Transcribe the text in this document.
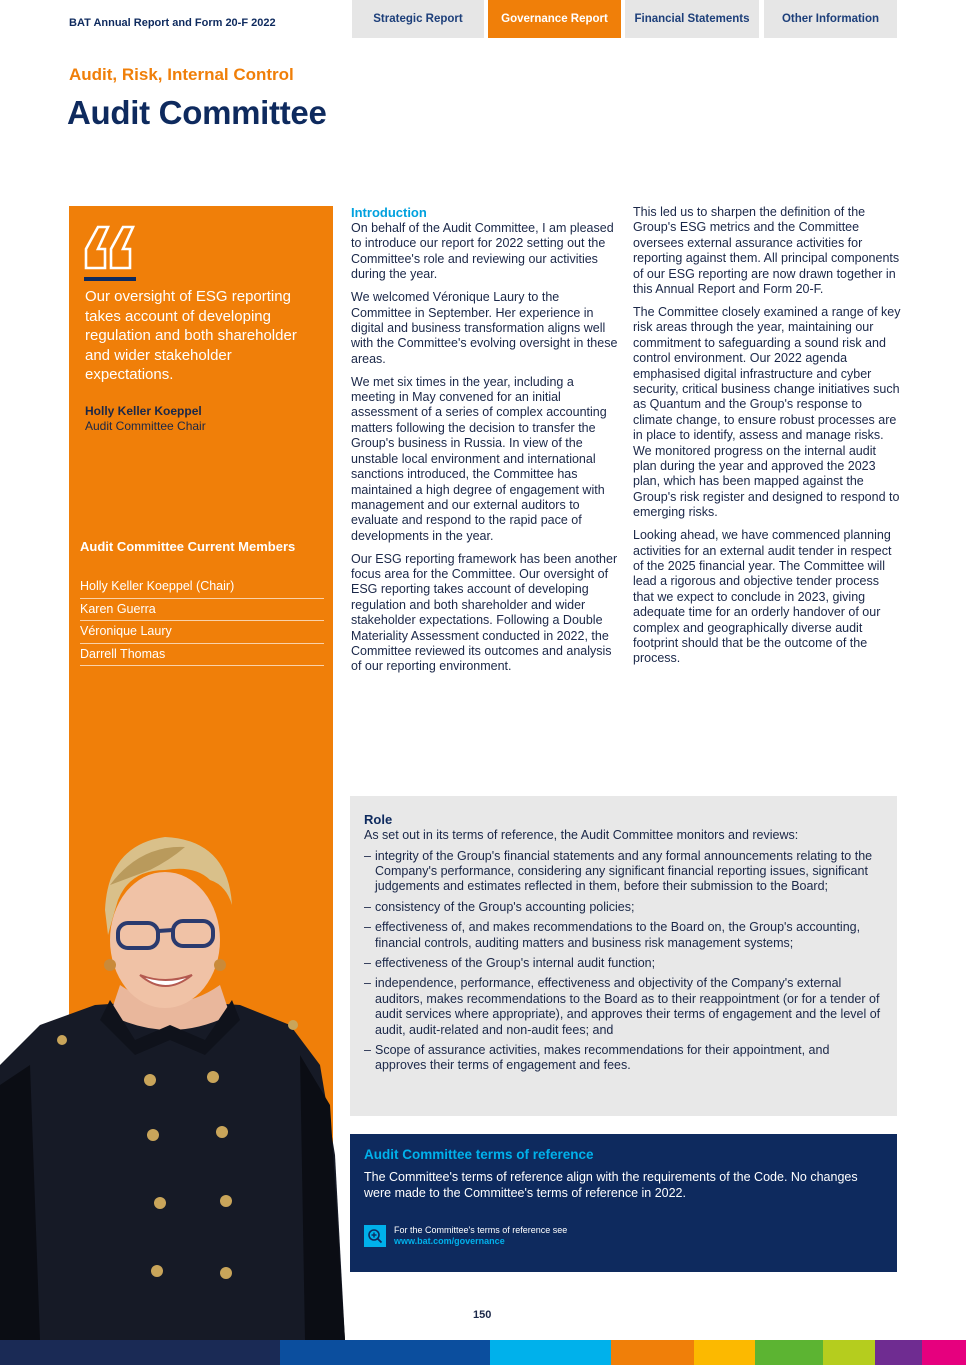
BAT Annual Report and Form 20-F 2022	Strategic Report	Governance Report	Financial Statements	Other Information
Audit, Risk, Internal Control
Audit Committee

Our oversight of ESG reporting takes account of developing regulation and both shareholder and wider stakeholder expectations.

Holly Keller Koeppel
Audit Committee Chair
Audit Committee Current Members
Holly Keller Koeppel (Chair)
Karen Guerra
Véronique Laury
Darrell Thomas
Introduction

On behalf of the Audit Committee, I am pleased to introduce our report for 2022 setting out the Committee's role and reviewing our activities during the year.

We welcomed Véronique Laury to the Committee in September. Her experience in digital and business transformation aligns well with the Committee's evolving oversight in these areas.

We met six times in the year, including a meeting in May convened for an initial assessment of a series of complex accounting matters following the decision to transfer the Group's business in Russia. In view of the unstable local environment and international sanctions introduced, the Committee has maintained a high degree of engagement with management and our external auditors to evaluate and respond to the rapid pace of developments in the year.

Our ESG reporting framework has been another focus area for the Committee. Our oversight of ESG reporting takes account of developing regulation and both shareholder and wider stakeholder expectations. Following a Double Materiality Assessment conducted in 2022, the Committee reviewed its outcomes and analysis of our reporting environment.

This led us to sharpen the definition of the Group's ESG metrics and the Committee oversees external assurance activities for reporting against them. All principal components of our ESG reporting are now drawn together in this Annual Report and Form 20-F.

The Committee closely examined a range of key risk areas through the year, maintaining our commitment to safeguarding a sound risk and control environment. Our 2022 agenda emphasised digital infrastructure and cyber security, critical business change initiatives such as Quantum and the Group's response to climate change, to ensure robust processes are in place to identify, assess and manage risks. We monitored progress on the internal audit plan during the year and approved the 2023 plan, which has been mapped against the Group's risk register and designed to respond to emerging risks.

Looking ahead, we have commenced planning activities for an external audit tender in respect of the 2025 financial year. The Committee will lead a rigorous and objective tender process that we expect to conclude in 2023, giving adequate time for an orderly handover of our complex and geographically diverse audit footprint should that be the outcome of the process.

Role
As set out in its terms of reference, the Audit Committee monitors and reviews:
– integrity of the Group's financial statements and any formal announcements relating to the Company's performance, considering any significant financial reporting issues, significant judgements and estimates reflected in them, before their submission to the Board;
– consistency of the Group's accounting policies;
– effectiveness of, and makes recommendations to the Board on, the Group's accounting, financial controls, auditing matters and business risk management systems;
– effectiveness of the Group's internal audit function;
– independence, performance, effectiveness and objectivity of the Company's external auditors, makes recommendations to the Board as to their reappointment (or for a tender of audit services where appropriate), and approves their terms of engagement and the level of audit, audit-related and non-audit fees; and
– Scope of assurance activities, makes recommendations for their appointment, and approves their terms of engagement and fees.
Audit Committee terms of reference

The Committee's terms of reference align with the requirements of the Code. No changes were made to the Committee's terms of reference in 2022.

For the Committee's terms of reference see
www.bat.com/governance
150
